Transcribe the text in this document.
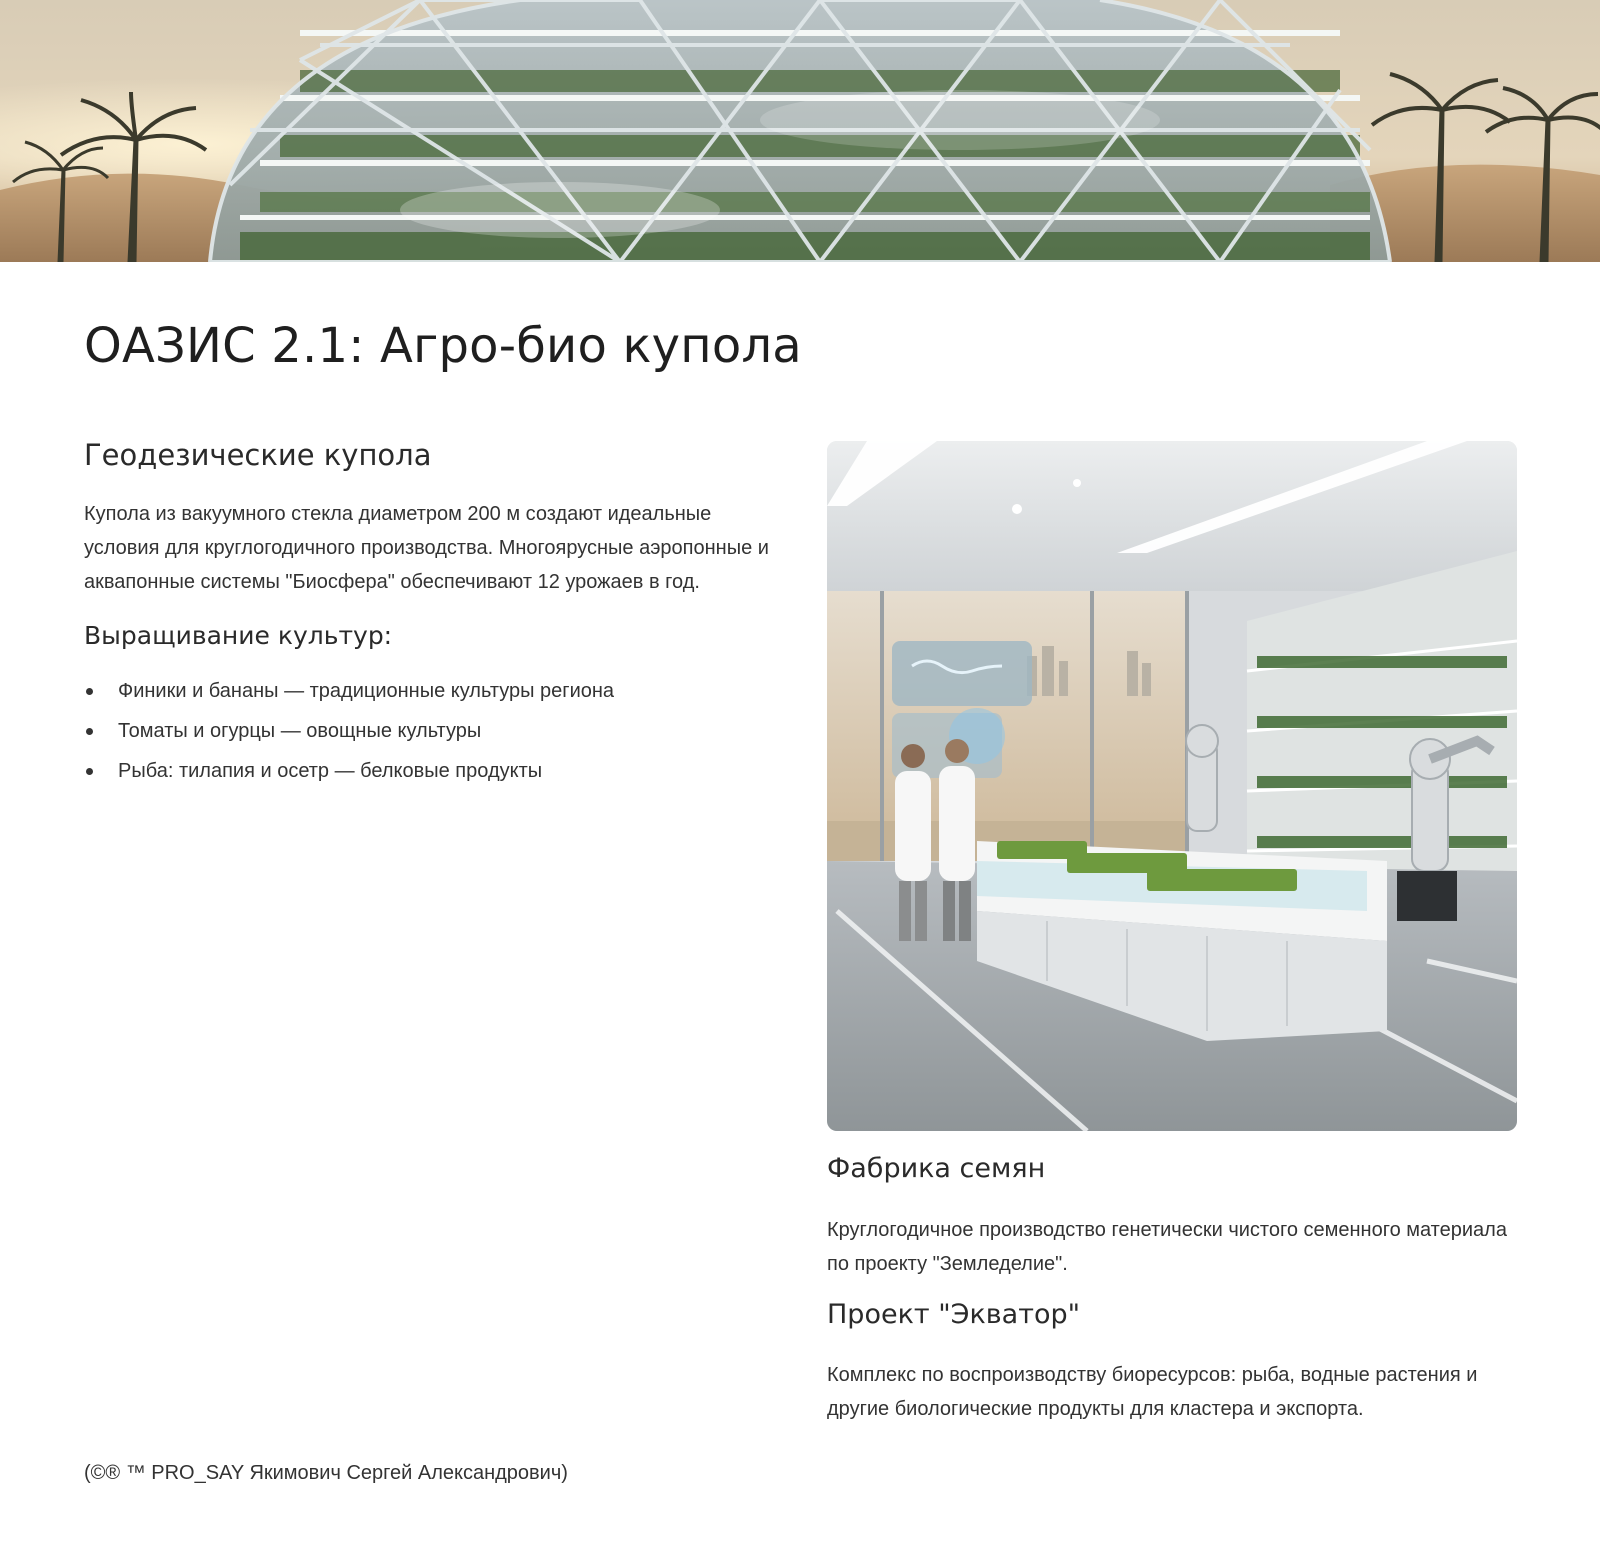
ОАЗИС 2.1: Агро-био купола
Геодезические купола

Купола из вакуумного стекла диаметром 200 м создают идеальные условия для круглогодичного производства. Многоярусные аэропонные и аквапонные системы "Биосфера" обеспечивают 12 урожаев в год.

Выращивание культур:
Финики и бананы — традиционные культуры региона
Томаты и огурцы — овощные культуры
Рыба: тилапия и осетр — белковые продукты
Фабрика семян

Круглогодичное производство генетически чистого семенного материала по проекту "Земледелие".

Проект "Экватор"

Комплекс по воспроизводству биоресурсов: рыба, водные растения и другие биологические продукты для кластера и экспорта.

(©® ™ PRO_SAY Якимович Сергей Александрович)
